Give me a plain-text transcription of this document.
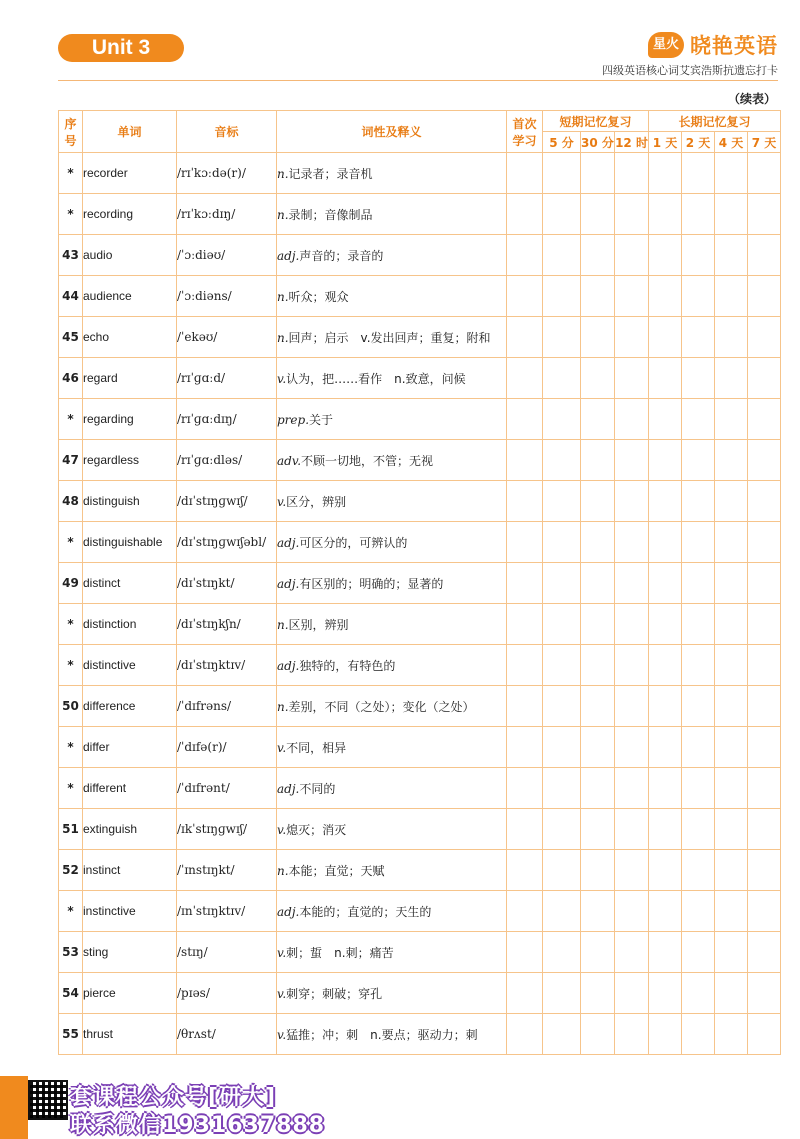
Unit 3	星火 晓艳英语
四级英语核心词艾宾浩斯抗遗忘打卡
（续表）
序号	单词	音标	词性及释义	首次学习	短期记忆复习			长期记忆复习			
					5 分	30 分	12 时	1 天	2 天	4 天	7 天
*	recorder	/rɪˈkɔːdə(r)/	n.记录者；录音机								
*	recording	/rɪˈkɔːdɪŋ/	n.录制；音像制品								
43	audio	/ˈɔːdiəʊ/	adj.声音的；录音的								
44	audience	/ˈɔːdiəns/	n.听众；观众								
45	echo	/ˈekəʊ/	n.回声；启示　v.发出回声；重复；附和								
46	regard	/rɪˈɡɑːd/	v.认为，把……看作　n.致意，问候								
*	regarding	/rɪˈɡɑːdɪŋ/	prep.关于								
47	regardless	/rɪˈɡɑːdləs/	adv.不顾一切地，不管；无视								
48	distinguish	/dɪˈstɪŋɡwɪʃ/	v.区分，辨别								
*	distinguishable	/dɪˈstɪŋɡwɪʃəbl/	adj.可区分的，可辨认的								
49	distinct	/dɪˈstɪŋkt/	adj.有区别的；明确的；显著的								
*	distinction	/dɪˈstɪŋkʃn/	n.区别，辨别								
*	distinctive	/dɪˈstɪŋktɪv/	adj.独特的，有特色的								
50	difference	/ˈdɪfrəns/	n.差别，不同（之处）；变化（之处）								
*	differ	/ˈdɪfə(r)/	v.不同，相异								
*	different	/ˈdɪfrənt/	adj.不同的								
51	extinguish	/ɪkˈstɪŋɡwɪʃ/	v.熄灭；消灭								
52	instinct	/ˈɪnstɪŋkt/	n.本能；直觉；天赋								
*	instinctive	/ɪnˈstɪŋktɪv/	adj.本能的；直觉的；天生的								
53	sting	/stɪŋ/	v.刺；蜇　n.刺；痛苦								
54	pierce	/pɪəs/	v.刺穿；刺破；穿孔								
55	thrust	/θrʌst/	v.猛推；冲；刺　n.要点；驱动力；刺								
套课程公众号[研大]
联系微信1931637888
